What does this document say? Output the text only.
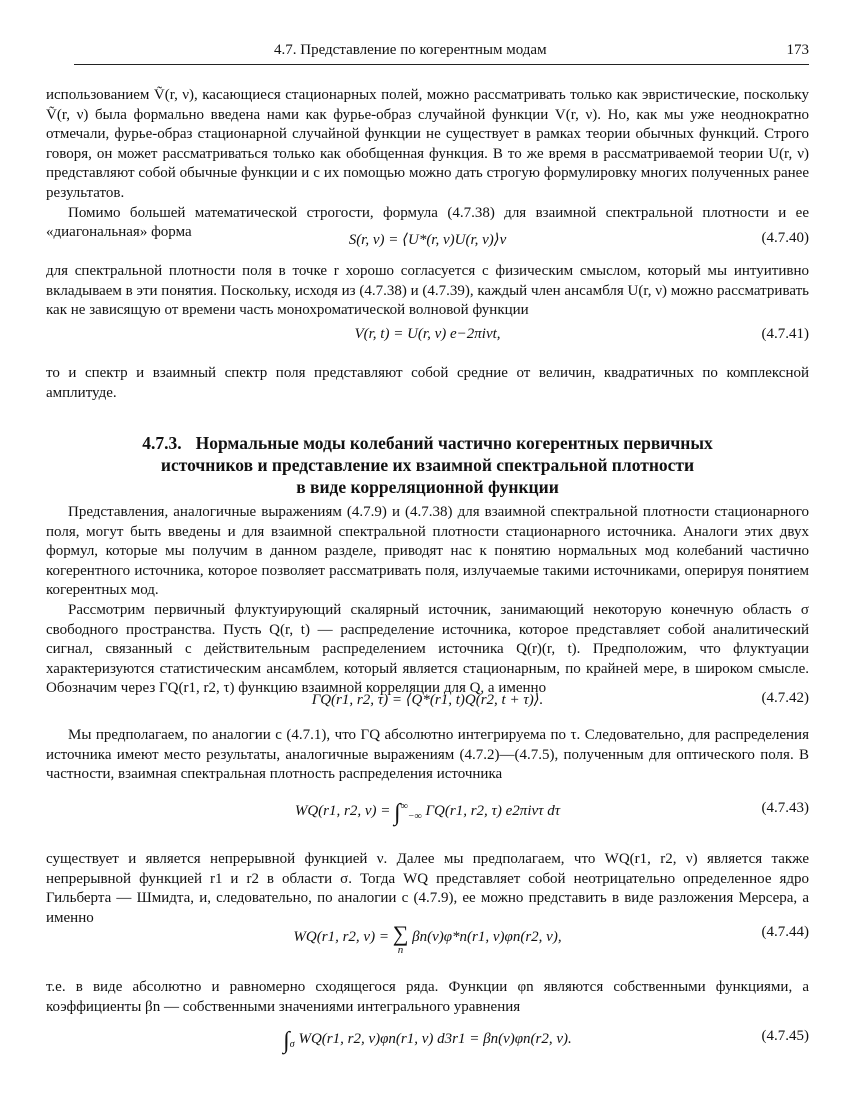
4.7. Представление по когерентным модам	173

использованием Ṽ(r, ν), касающиеся стационарных полей, можно рассматривать только как эвристические, поскольку Ṽ(r, ν) была формально введена нами как фурье-образ случайной функции V(r, ν). Но, как мы уже неоднократно отмечали, фурье-образ стационарной случайной функции не существует в рамках теории обычных функций. Строго говоря, он может рассматриваться только как обобщенная функция. В то же время в рассматриваемой теории U(r, ν) представляют собой обычные функции и с их помощью можно дать строгую формулировку многих полученных ранее результатов.

Помимо большей математической строгости, формула (4.7.38) для взаимной спектральной плотности и ее «диагональная» форма	S(r, ν) = ⟨U*(r, ν)U(r, ν)⟩ν	(4.7.40)

для спектральной плотности поля в точке r хорошо согласуется с физическим смыслом, который мы интуитивно вкладываем в эти понятия. Поскольку, исходя из (4.7.38) и (4.7.39), каждый член ансамбля U(r, ν) можно рассматривать как не зависящую от времени часть монохроматической волновой функции

V(r, t) = U(r, ν) e−2πiνt,	(4.7.41)

то и спектр и взаимный спектр поля представляют собой средние от величин, квадратичных по комплексной амплитуде.

4.7.3. Нормальные моды колебаний частично когерентных первичных
источников и представление их взаимной спектральной плотности
в виде корреляционной функции

Представления, аналогичные выражениям (4.7.9) и (4.7.38) для взаимной спектральной плотности стационарного поля, могут быть введены и для взаимной спектральной плотности стационарного источника. Аналоги этих двух формул, которые мы получим в данном разделе, приводят нас к понятию нормальных мод колебаний частично когерентного источника, которое позволяет рассматривать поля, излучаемые такими источниками, оперируя понятием когерентных мод.

Рассмотрим первичный флуктуирующий скалярный источник, занимающий некоторую конечную область σ свободного пространства. Пусть Q(r, t) — распределение источника, которое представляет собой аналитический сигнал, связанный с действительным распределением источника Q(r)(r, t). Предположим, что флуктуации характеризуются статистическим ансамблем, который является стационарным, по крайней мере, в широком смысле. Обозначим через ΓQ(r1, r2, τ) функцию взаимной корреляции для Q, а именно

ΓQ(r1, r2, τ) = ⟨Q*(r1, t)Q(r2, t + τ)⟩.	(4.7.42)

Мы предполагаем, по аналогии с (4.7.1), что ΓQ абсолютно интегрируема по τ. Следовательно, для распределения источника имеют место результаты, аналогичные выражениям (4.7.2)—(4.7.5), полученным для оптического поля. В частности, взаимная спектральная плотность распределения источника

WQ(r1, r2, $\nu) = \int^\infty_{-\infty}$ ΓQ(r1, r2, τ) e2πiντ dτ	(4.7.43)

существует и является непрерывной функцией ν. Далее мы предполагаем, что WQ(r1, r2, ν) является также непрерывной функцией r1 и r2 в области σ. Тогда WQ представляет собой неотрицательно определенное ядро Гильберта — Шмидта, и, следовательно, по аналогии с (4.7.9), ее можно представить в виде разложения Мерсера, а именно

WQ(r1, r2, ν) = ∑
n
βn(ν)φ*n(r1, ν)φn(r2, ν),	(4.7.44)

т.е. в виде абсолютно и равномерно сходящегося ряда. Функции φn являются собственными функциями, а коэффициенты βn — собственными значениями интегрального уравнения

$\int_\sigma$ WQ(r1, r2, ν)φn(r1, ν) d3r1 = βn(ν)φn(r2, ν).	(4.7.45)
